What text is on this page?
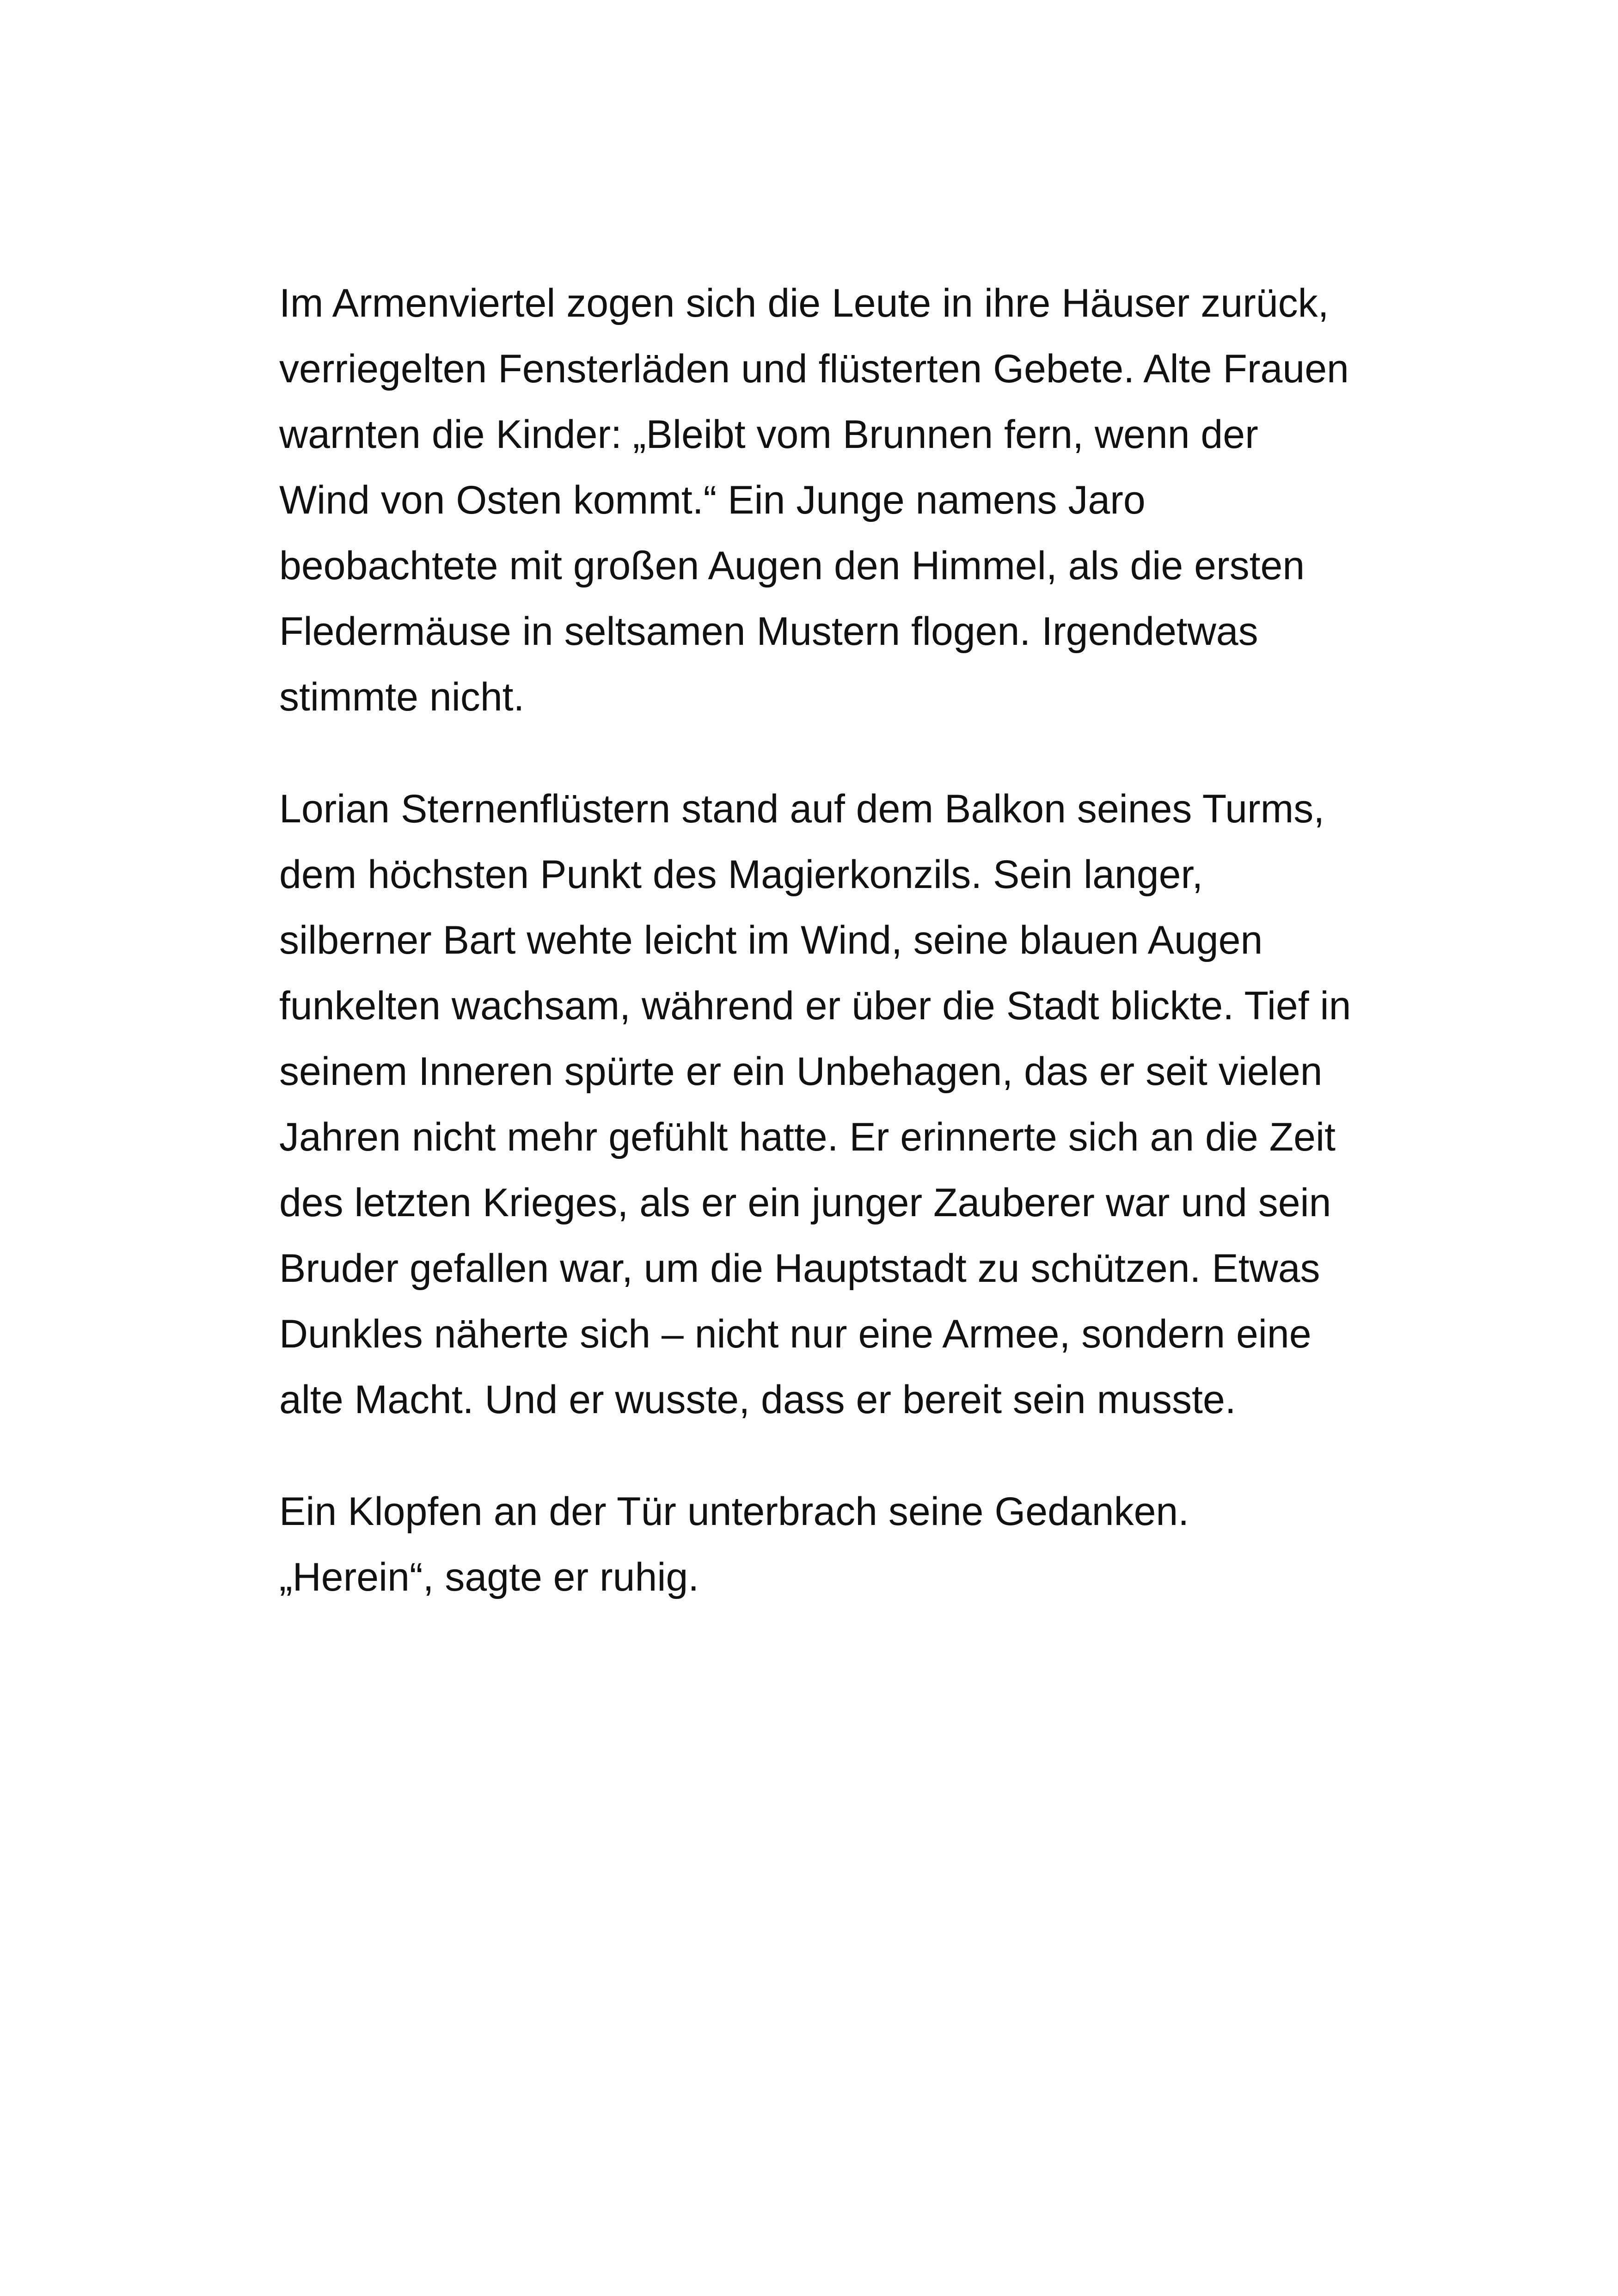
Im Armenviertel zogen sich die Leute in ihre Häuser zurück, verriegelten Fensterläden und flüsterten Gebete. Alte Frauen warnten die Kinder: „Bleibt vom Brunnen fern, wenn der Wind von Osten kommt.“ Ein Junge namens Jaro beobachtete mit großen Augen den Himmel, als die ersten Fledermäuse in seltsamen Mustern flogen. Irgendetwas stimmte nicht.

Lorian Sternenflüstern stand auf dem Balkon seines Turms, dem höchsten Punkt des Magierkonzils. Sein langer, silberner Bart wehte leicht im Wind, seine blauen Augen funkelten wachsam, während er über die Stadt blickte. Tief in seinem Inneren spürte er ein Unbehagen, das er seit vielen Jahren nicht mehr gefühlt hatte. Er erinnerte sich an die Zeit des letzten Krieges, als er ein junger Zauberer war und sein Bruder gefallen war, um die Hauptstadt zu schützen. Etwas Dunkles näherte sich – nicht nur eine Armee, sondern eine alte Macht. Und er wusste, dass er bereit sein musste.

Ein Klopfen an der Tür unterbrach seine Gedanken. „Herein“, sagte er ruhig.
